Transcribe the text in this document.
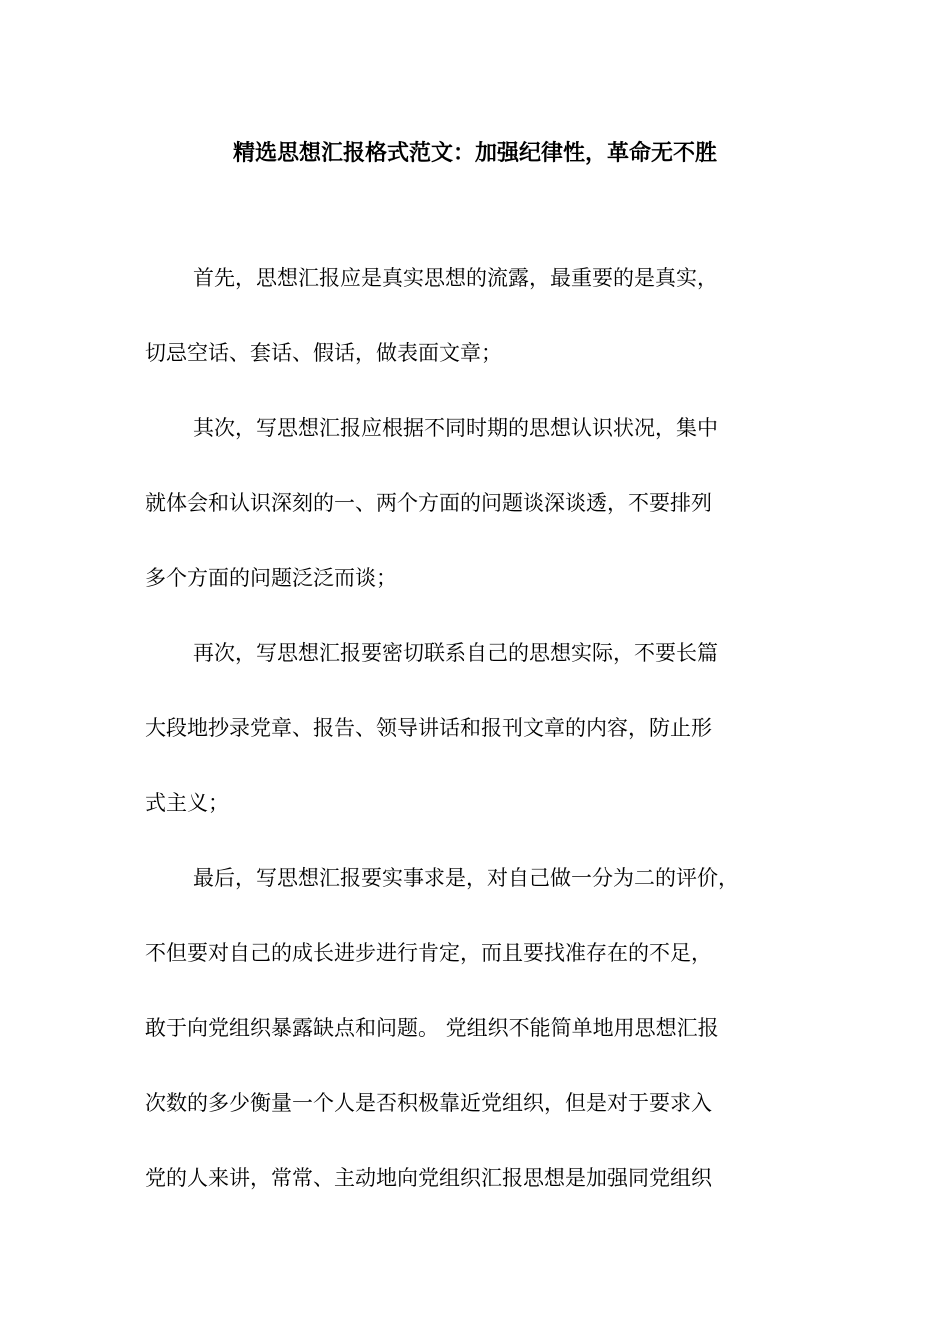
精选思想汇报格式范文：加强纪律性，革命无不胜
首先，思想汇报应是真实思想的流露，最重要的是真实，
切忌空话、套话、假话，做表面文章；
其次，写思想汇报应根据不同时期的思想认识状况，集中
就体会和认识深刻的一、两个方面的问题谈深谈透，不要排列
多个方面的问题泛泛而谈；
再次，写思想汇报要密切联系自己的思想实际，不要长篇
大段地抄录党章、报告、领导讲话和报刊文章的内容，防止形
式主义；
最后，写思想汇报要实事求是，对自己做一分为二的评价，
不但要对自己的成长进步进行肯定，而且要找准存在的不足，
敢于向党组织暴露缺点和问题。 党组织不能简单地用思想汇报
次数的多少衡量一个人是否积极靠近党组织，但是对于要求入
党的人来讲，常常、主动地向党组织汇报思想是加强同党组织
